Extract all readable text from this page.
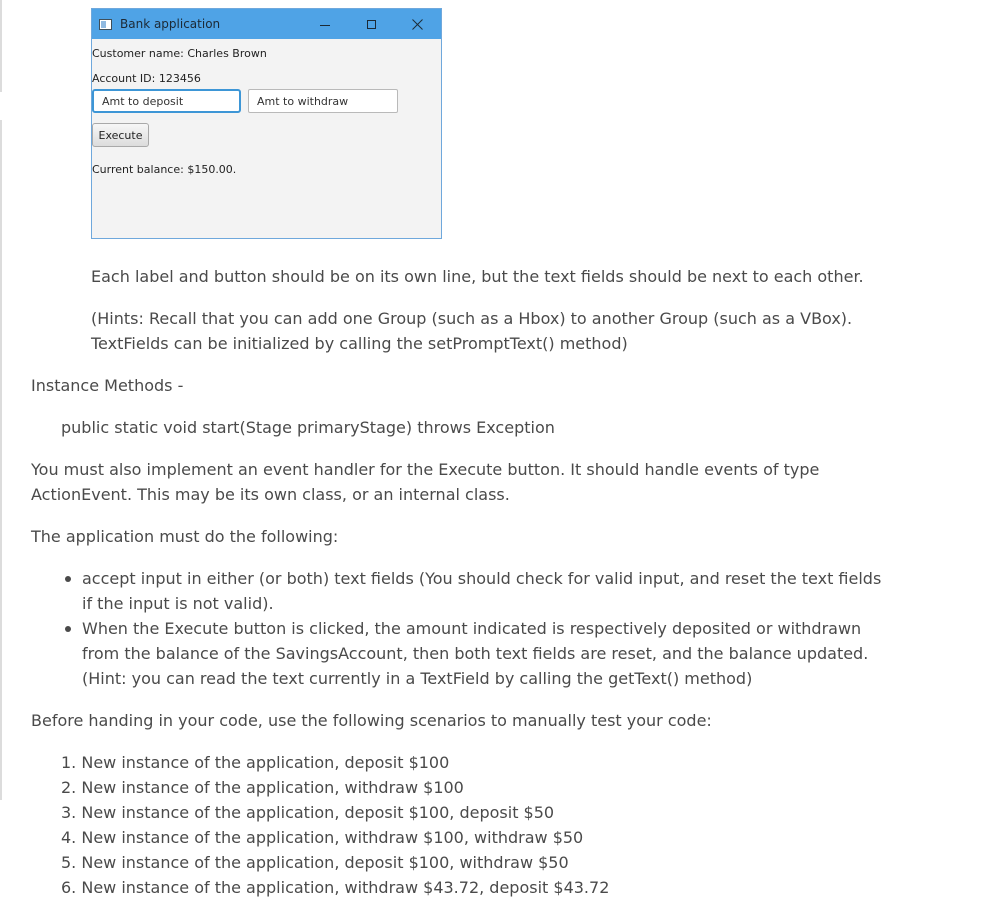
Bank application
Customer name: Charles Brown
Account ID: 123456
Amt to deposit
Amt to withdraw
Execute
Current balance: $150.00.
Each label and button should be on its own line, but the text fields should be next to each other.
(Hints: Recall that you can add one Group (such as a Hbox) to another Group (such as a VBox).
TextFields can be initialized by calling the setPromptText() method)
Instance Methods -
public static void start(Stage primaryStage) throws Exception
You must also implement an event handler for the Execute button. It should handle events of type
ActionEvent. This may be its own class, or an internal class.
The application must do the following:
accept input in either (or both) text fields (You should check for valid input, and reset the text fields if the input is not valid).
When the Execute button is clicked, the amount indicated is respectively deposited or withdrawn from the balance of the SavingsAccount, then both text fields are reset, and the balance updated. (Hint: you can read the text currently in a TextField by calling the getText() method)
Before handing in your code, use the following scenarios to manually test your code:
1. New instance of the application, deposit $100
2. New instance of the application, withdraw $100
3. New instance of the application, deposit $100, deposit $50
4. New instance of the application, withdraw $100, withdraw $50
5. New instance of the application, deposit $100, withdraw $50
6. New instance of the application, withdraw $43.72, deposit $43.72
